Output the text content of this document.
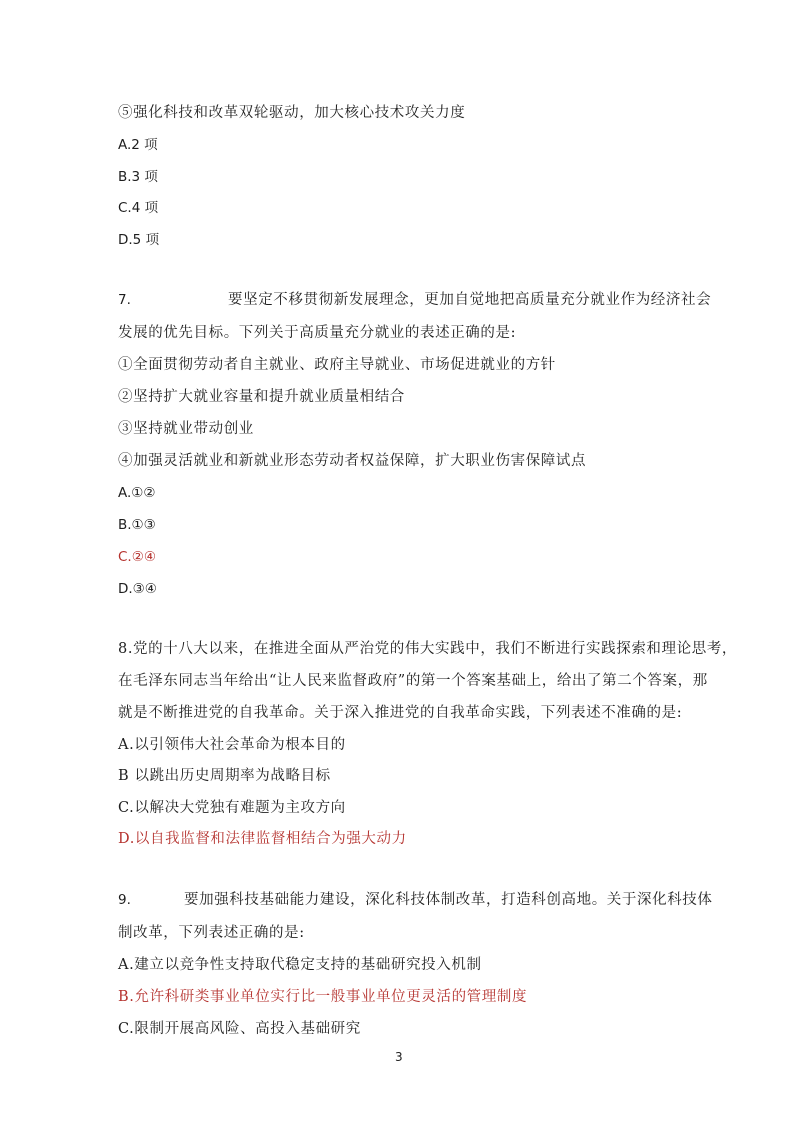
⑤强化科技和改革双轮驱动，加大核心技术攻关力度
A.2 项
B.3 项
C.4 项
D.5 项
7.	要坚定不移贯彻新发展理念，更加自觉地把高质量充分就业作为经济社会
发展的优先目标。下列关于高质量充分就业的表述正确的是:
①全面贯彻劳动者自主就业、政府主导就业、市场促进就业的方针
②坚持扩大就业容量和提升就业质量相结合
③坚持就业带动创业
④加强灵活就业和新就业形态劳动者权益保障，扩大职业伤害保障试点
A.①②
B.①③
C.②④
D.③④
8.党的十八大以来，在推进全面从严治党的伟大实践中，我们不断进行实践探索和理论思考，
在毛泽东同志当年给出“让人民来监督政府”的第一个答案基础上，给出了第二个答案，那
就是不断推进党的自我革命。关于深入推进党的自我革命实践，下列表述不准确的是:
A.以引领伟大社会革命为根本目的
B 以跳出历史周期率为战略目标
C.以解决大党独有难题为主攻方向
D.以自我监督和法律监督相结合为强大动力
9.	要加强科技基础能力建设，深化科技体制改革，打造科创高地。关于深化科技体
制改革，下列表述正确的是:
A.建立以竞争性支持取代稳定支持的基础研究投入机制
B.允许科研类事业单位实行比一般事业单位更灵活的管理制度
C.限制开展高风险、高投入基础研究
3
